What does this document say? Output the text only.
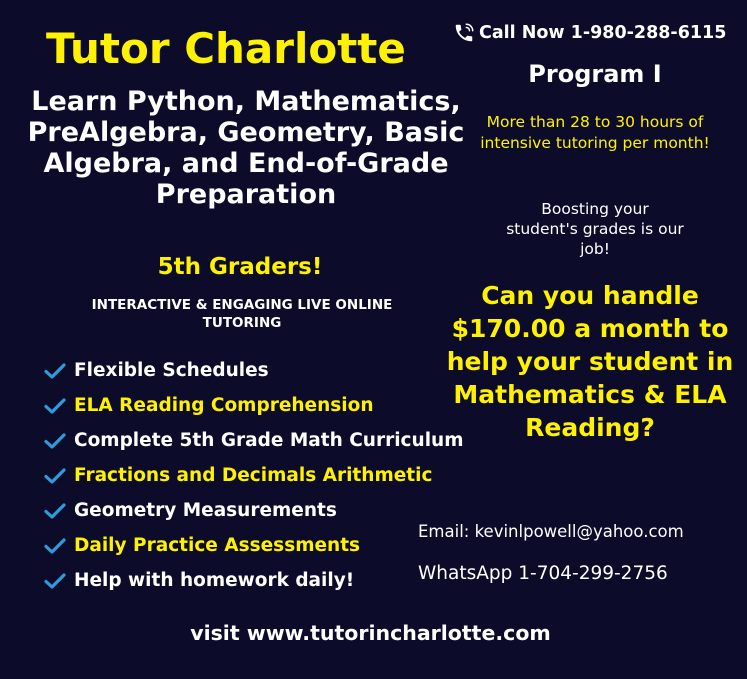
Tutor Charlotte
Learn Python, Mathematics, PreAlgebra, Geometry, Basic Algebra, and End-of-Grade Preparation
5th Graders!
INTERACTIVE & ENGAGING LIVE ONLINE TUTORING
Flexible Schedules
ELA Reading Comprehension
Complete 5th Grade Math Curriculum
Fractions and Decimals Arithmetic
Geometry Measurements
Daily Practice Assessments
Help with homework daily!
Call Now 1-980-288-6115
Program I
More than 28 to 30 hours of intensive tutoring per month!
Boosting your student's grades is our job!
Can you handle $170.00 a month to help your student in Mathematics & ELA Reading?
Email: kevinlpowell@yahoo.com
WhatsApp 1-704-299-2756
visit www.tutorincharlotte.com
